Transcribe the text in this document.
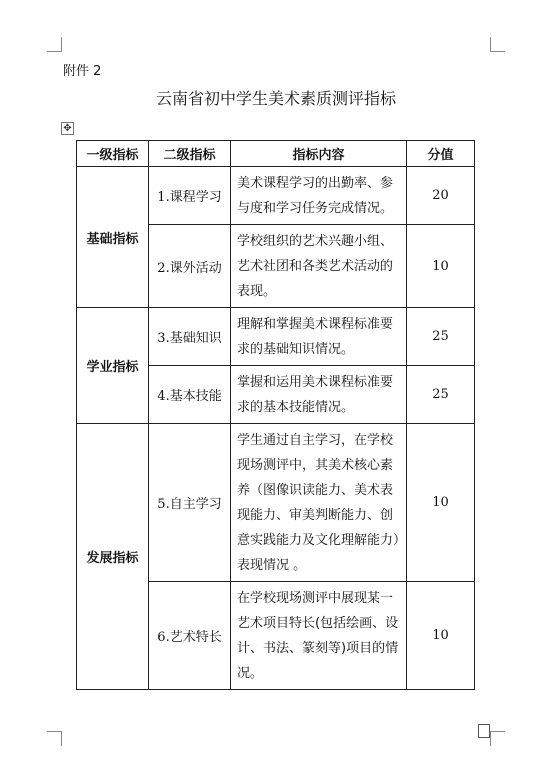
附件 2
云南省初中学生美术素质测评指标
✥
一级指标	二级指标	指标内容	分值
基础指标	1.课程学习	美术课程学习的出勤率、参与度和学习任务完成情况。	20
	2.课外活动	学校组织的艺术兴趣小组、艺术社团和各类艺术活动的表现。	10
学业指标	3.基础知识	理解和掌握美术课程标准要求的基础知识情况。	25
	4.基本技能	掌握和运用美术课程标准要求的基本技能情况。	25
发展指标	5.自主学习	学生通过自主学习，在学校现场测评中，其美术核心素养（图像识读能力、美术表现能力、审美判断能力、创意实践能力及文化理解能力）表现情况 。	10
	6.艺术特长	在学校现场测评中展现某一艺术项目特长(包括绘画、设计、书法、篆刻等)项目的情况。	10
